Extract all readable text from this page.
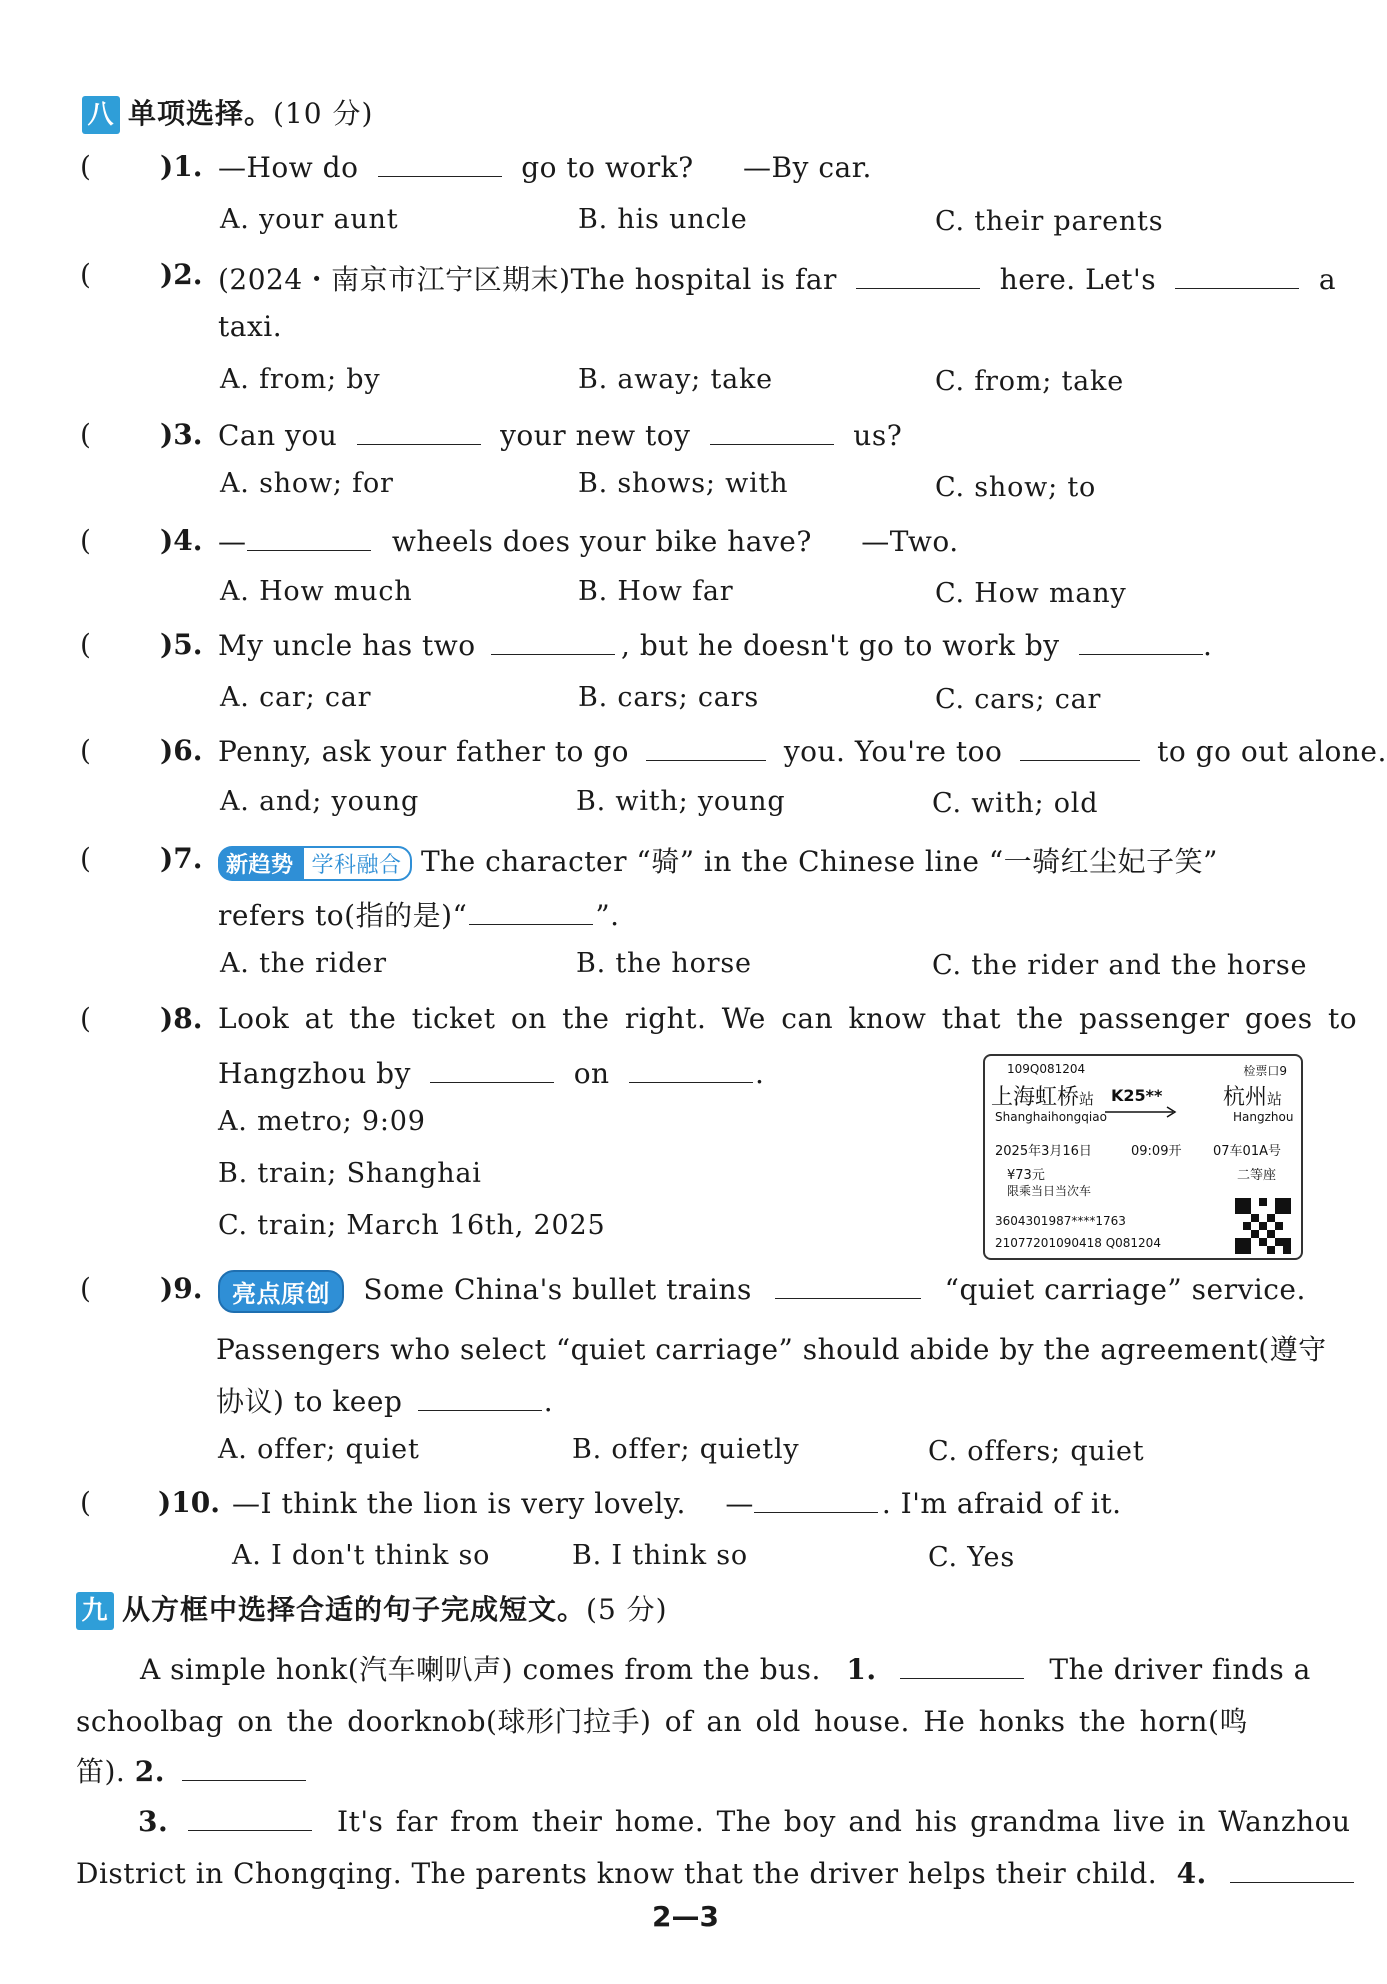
八 单项选择。(10 分)
( )1. —How do	go to work? —By car.
A. your aunt	B. his uncle	C. their parents
( )2. (2024・南京市江宁区期末)The hospital is far	here. Let's	a
taxi.
A. from; by	B. away; take	C. from; take
( )3. Can you	your new toy	us?
A. show; for	B. shows; with	C. show; to
( )4. —	wheels does your bike have? —Two.
A. How much	B. How far	C. How many
( )5. My uncle has two	, but he doesn't go to work by	.
A. car; car	B. cars; cars	C. cars; car
( )6. Penny, ask your father to go	you. You're too	to go out alone.
A. and; young	B. with; young	C. with; old
( )7.	新趋势 学科融合 The character “骑” in the Chinese line “一骑红尘妃子笑”
refers to(指的是)“	”.
A. the rider	B. the horse	C. the rider and the horse
( )8. Look at the ticket on the right. We can know that the passenger goes to
Hangzhou by	on	.
A. metro; 9:09
B. train; Shanghai
C. train; March 16th, 2025
109Q081204	检票口9
上海虹桥站
Shanghaihongqiao
K25**	杭州站
Hangzhou
2025年3月16日	09:09开 07车01A号
¥73元	二等座
限乘当日当次车
3604301987****1763
21077201090418 Q081204
( )9.	亮点原创 Some China's bullet trains	“quiet carriage” service.
Passengers who select “quiet carriage” should abide by the agreement(遵守
协议) to keep	.
A. offer; quiet	B. offer; quietly	C. offers; quiet
( )10. —I think the lion is very lovely. —	. I'm afraid of it.
A. I don't think so	B. I think so	C. Yes
九 从方框中选择合适的句子完成短文。(5 分)
A simple honk(汽车喇叭声) comes from the bus. 1.	The driver finds a
schoolbag on the doorknob(球形门拉手) of an old house. He honks the horn(鸣
笛). 2.
3.	It's far from their home. The boy and his grandma live in Wanzhou
District in Chongqing. The parents know that the driver helps their child. 4.
2—3
